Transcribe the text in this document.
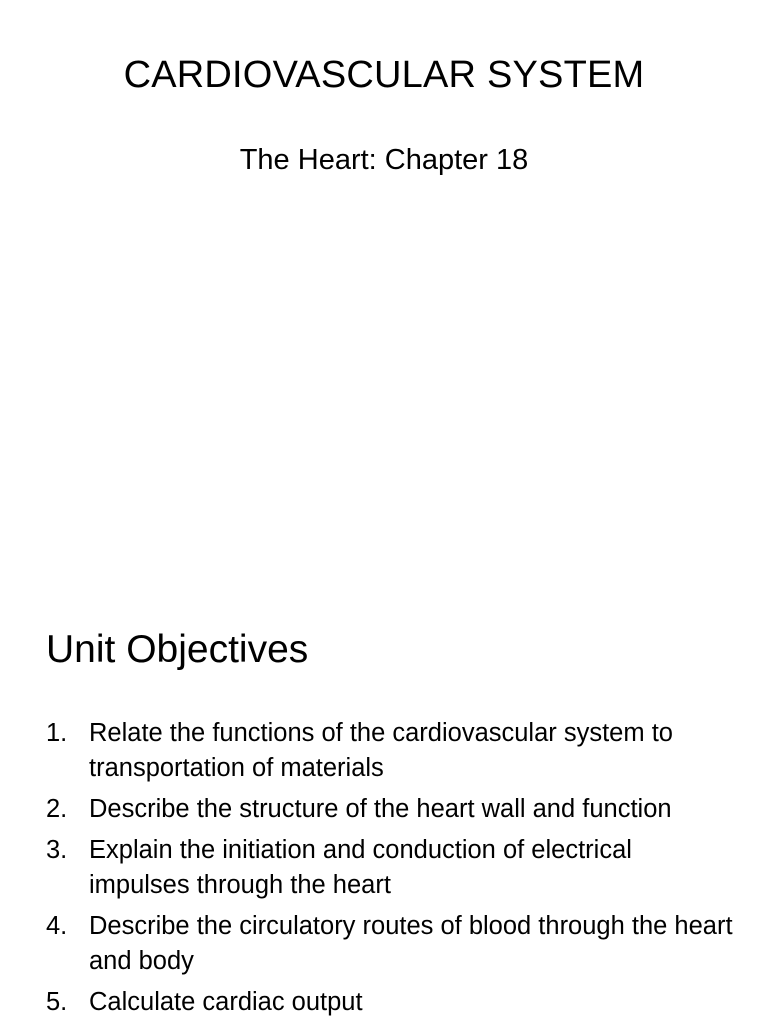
CARDIOVASCULAR SYSTEM
The Heart: Chapter 18
Unit Objectives
1. Relate the functions of the cardiovascular system to transportation of materials
2. Describe the structure of the heart wall and function
3. Explain the initiation and conduction of electrical impulses through the heart
4. Describe the circulatory routes of blood through the heart and body
5. Calculate cardiac output
